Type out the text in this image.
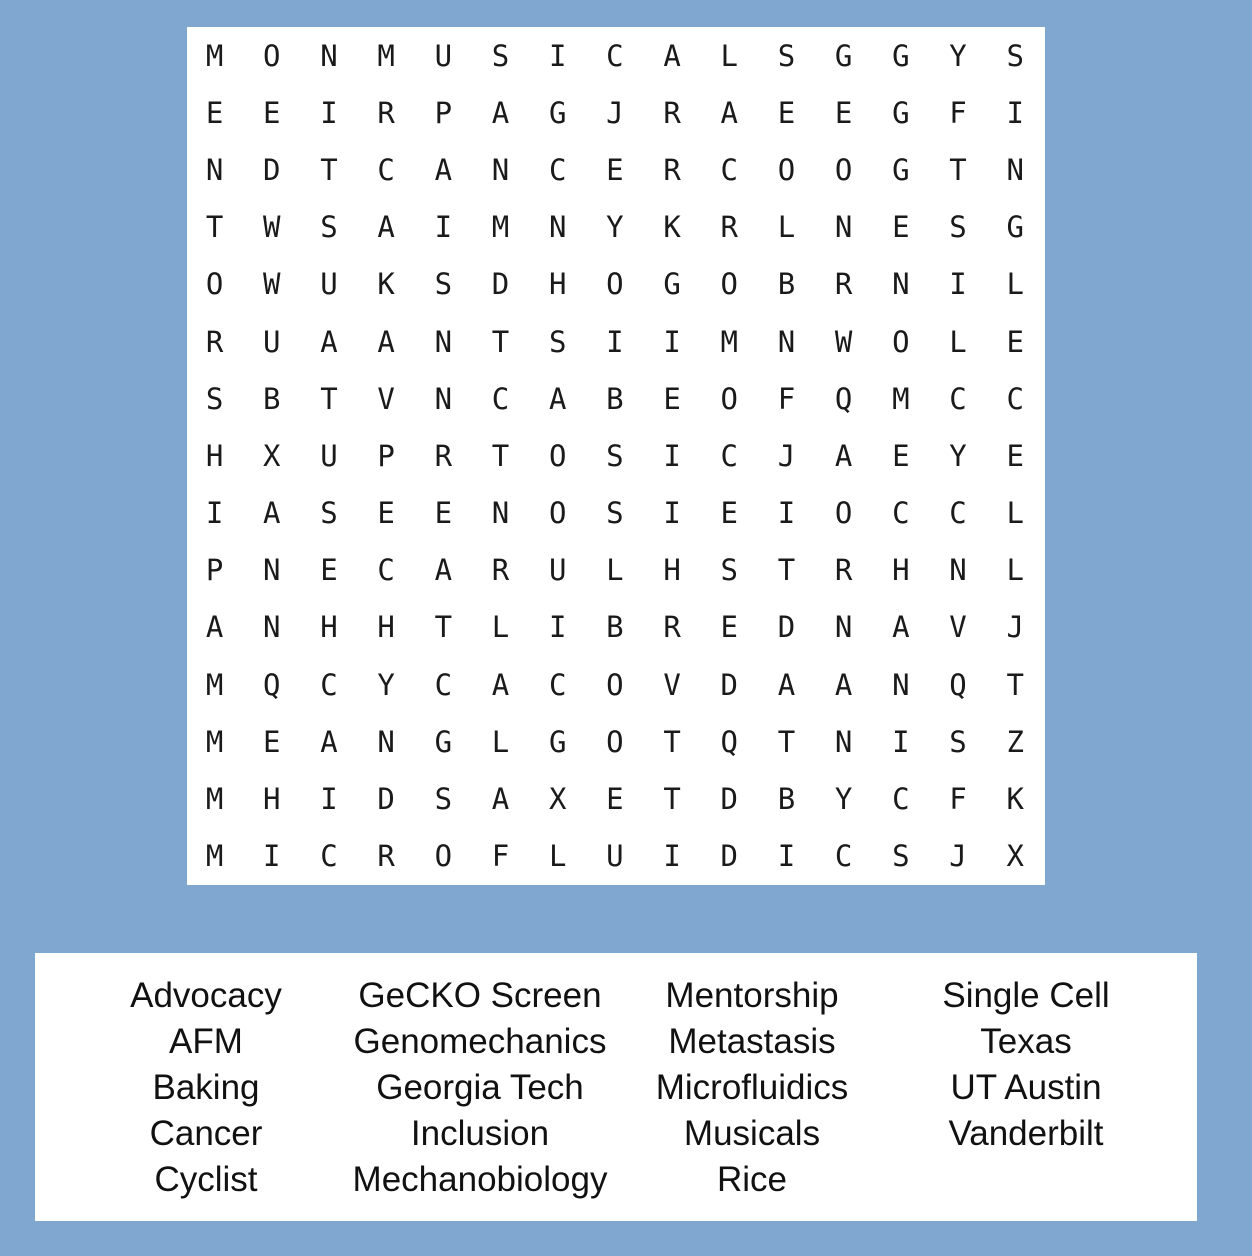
M	O	N	M	U	S	I	C	A	L	S	G	G	Y	S
E	E	I	R	P	A	G	J	R	A	E	E	G	F	I
N	D	T	C	A	N	C	E	R	C	O	O	G	T	N
T	W	S	A	I	M	N	Y	K	R	L	N	E	S	G
O	W	U	K	S	D	H	O	G	O	B	R	N	I	L
R	U	A	A	N	T	S	I	I	M	N	W	O	L	E
S	B	T	V	N	C	A	B	E	O	F	Q	M	C	C
H	X	U	P	R	T	O	S	I	C	J	A	E	Y	E
I	A	S	E	E	N	O	S	I	E	I	O	C	C	L
P	N	E	C	A	R	U	L	H	S	T	R	H	N	L
A	N	H	H	T	L	I	B	R	E	D	N	A	V	J
M	Q	C	Y	C	A	C	O	V	D	A	A	N	Q	T
M	E	A	N	G	L	G	O	T	Q	T	N	I	S	Z
M	H	I	D	S	A	X	E	T	D	B	Y	C	F	K
M	I	C	R	O	F	L	U	I	D	I	C	S	J	X
Advocacy
AFM
Baking
Cancer
Cyclist
GeCKO Screen
Genomechanics
Georgia Tech
Inclusion
Mechanobiology
Mentorship
Metastasis
Microfluidics
Musicals
Rice
Single Cell
Texas
UT Austin
Vanderbilt
